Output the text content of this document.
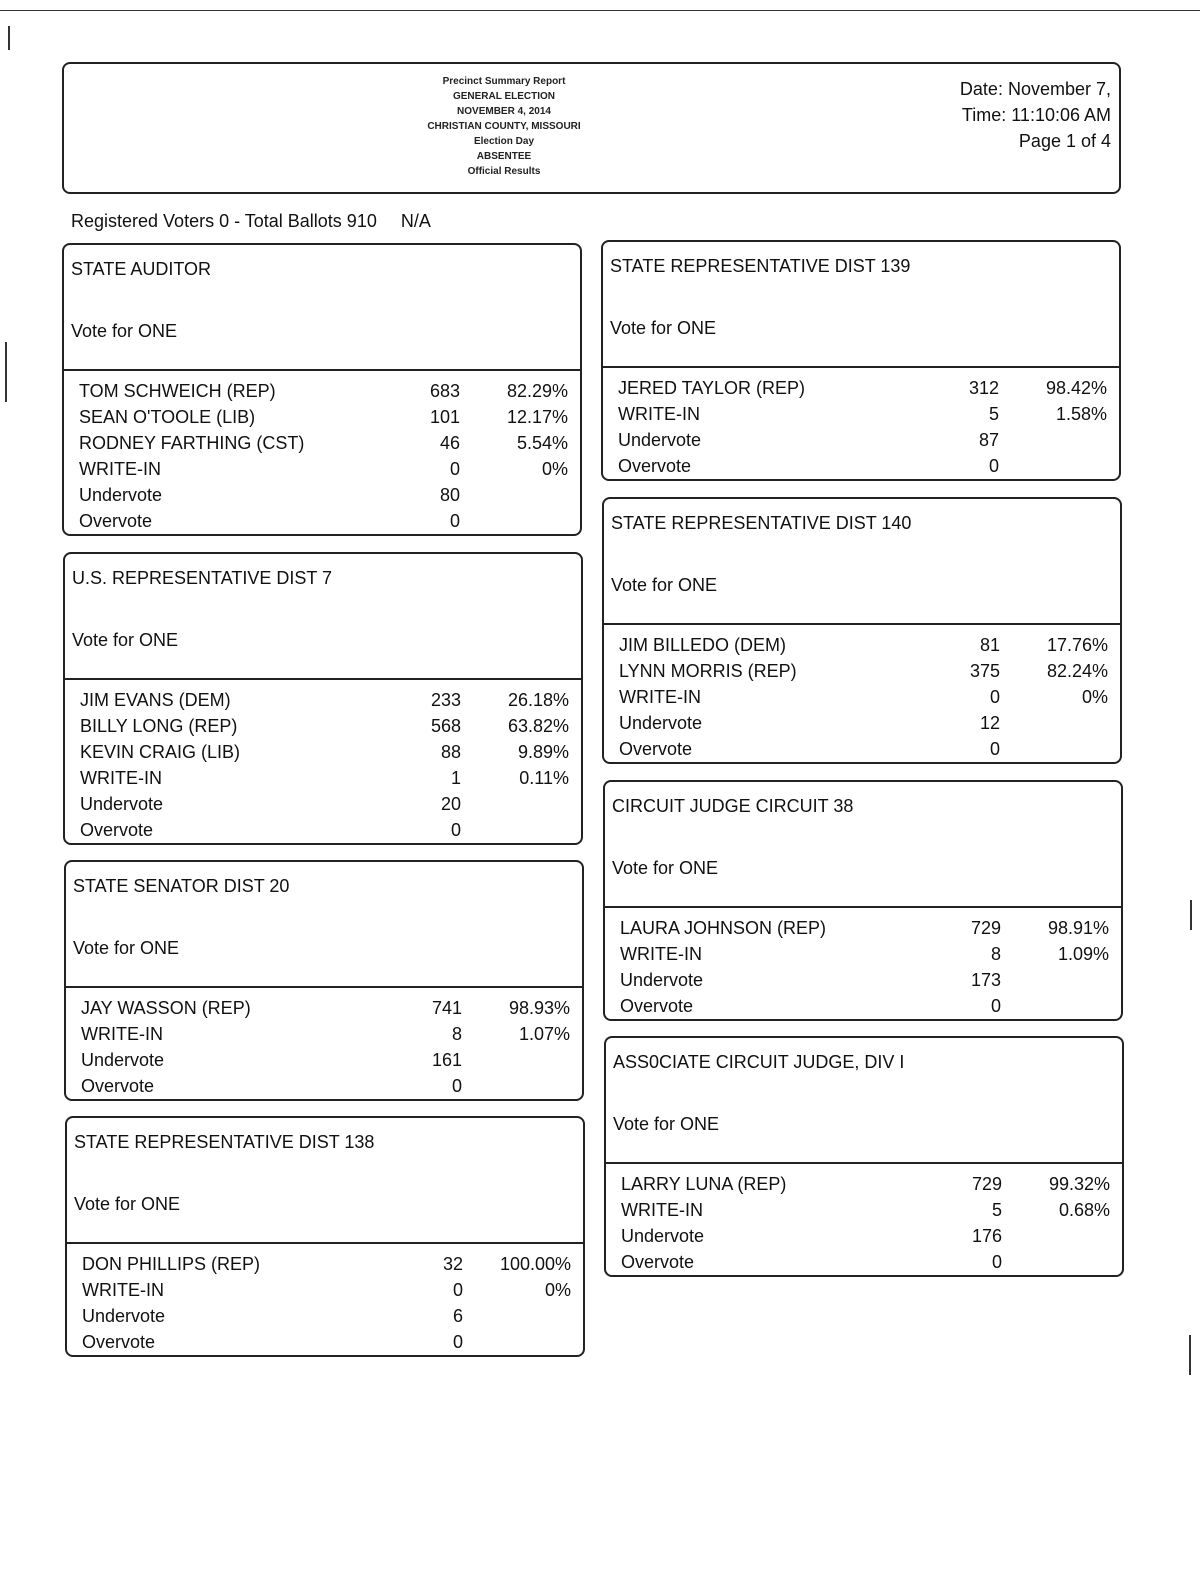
Precinct Summary Report
GENERAL ELECTION
NOVEMBER 4, 2014
CHRISTIAN COUNTY, MISSOURI
Election Day
ABSENTEE
Official Results
Date: November 7,
Time: 11:10:06 AM
Page 1 of 4
Registered Voters 0 - Total Ballots 910 N/A
STATE AUDITOR
Vote for ONE
TOM SCHWEICH (REP)	683	82.29%
SEAN O'TOOLE (LIB)	101	12.17%
RODNEY FARTHING (CST)	46	5.54%
WRITE-IN	0	0%
Undervote	80
Overvote	0
U.S. REPRESENTATIVE DIST 7
Vote for ONE
JIM EVANS (DEM)	233	26.18%
BILLY LONG (REP)	568	63.82%
KEVIN CRAIG (LIB)	88	9.89%
WRITE-IN	1	0.11%
Undervote	20
Overvote	0
STATE SENATOR DIST 20
Vote for ONE
JAY WASSON (REP)	741	98.93%
WRITE-IN	8	1.07%
Undervote	161
Overvote	0
STATE REPRESENTATIVE DIST 138
Vote for ONE
DON PHILLIPS (REP)	32	100.00%
WRITE-IN	0	0%
Undervote	6
Overvote	0
STATE REPRESENTATIVE DIST 139
Vote for ONE
JERED TAYLOR (REP)	312	98.42%
WRITE-IN	5	1.58%
Undervote	87
Overvote	0
STATE REPRESENTATIVE DIST 140
Vote for ONE
JIM BILLEDO (DEM)	81	17.76%
LYNN MORRIS (REP)	375	82.24%
WRITE-IN	0	0%
Undervote	12
Overvote	0
CIRCUIT JUDGE CIRCUIT 38
Vote for ONE
LAURA JOHNSON (REP)	729	98.91%
WRITE-IN	8	1.09%
Undervote	173
Overvote	0
ASS0CIATE CIRCUIT JUDGE, DIV I
Vote for ONE
LARRY LUNA (REP)	729	99.32%
WRITE-IN	5	0.68%
Undervote	176
Overvote	0
